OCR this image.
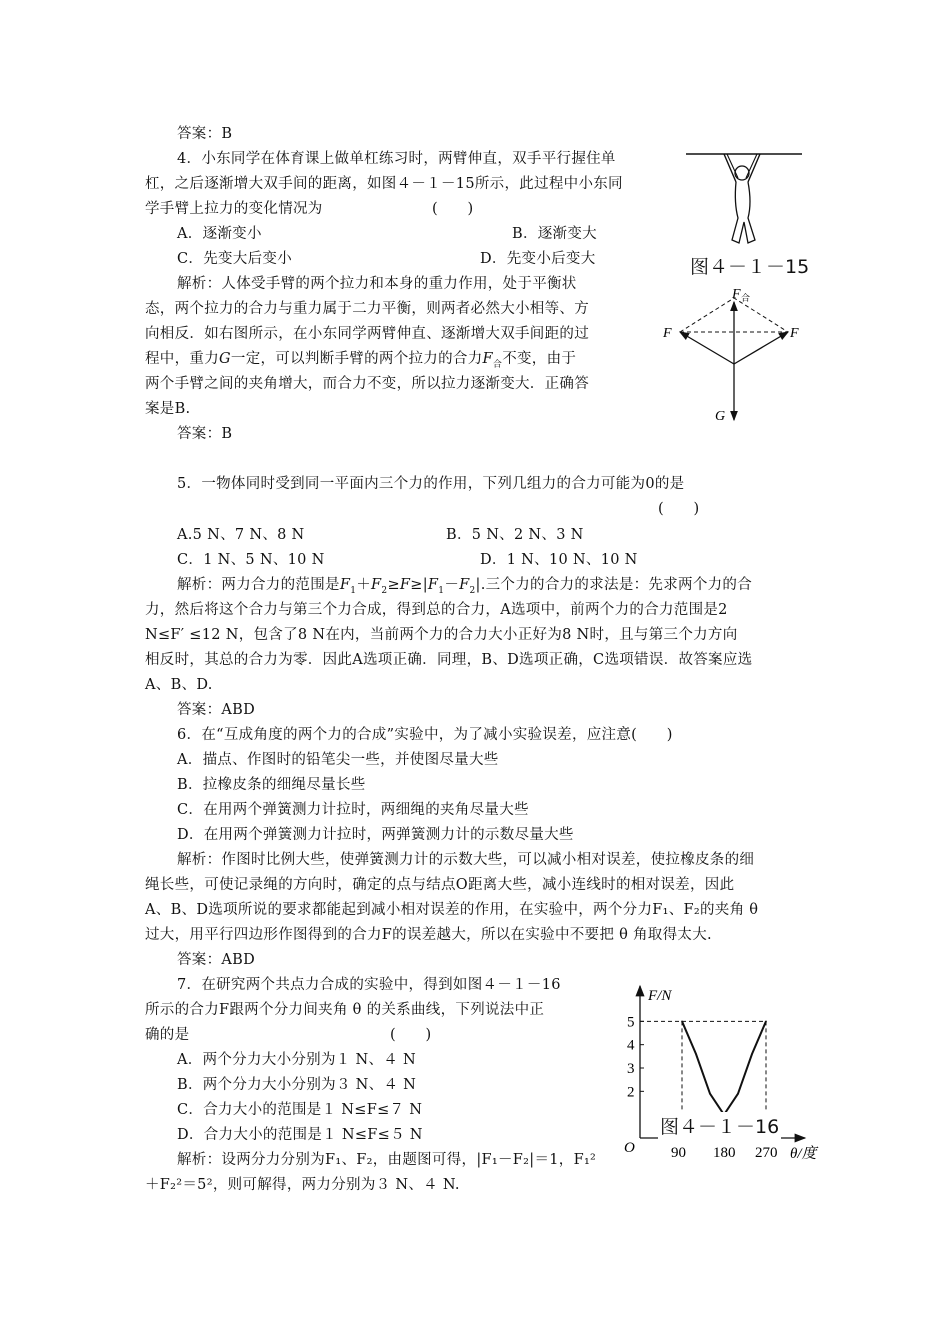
答案：B
4．小东同学在体育课上做单杠练习时，两臂伸直，双手平行握住单
杠，之后逐渐增大双手间的距离，如图４－１－15所示，此过程中小东同
学手臂上拉力的变化情况为	(　　)
A．逐渐变小	B．逐渐变大
C．先变大后变小	D．先变小后变大	图４－１－15
F 合
F	F
G
解析：人体受手臂的两个拉力和本身的重力作用，处于平衡状
态，两个拉力的合力与重力属于二力平衡，则两者必然大小相等、方
向相反．如右图所示，在小东同学两臂伸直、逐渐增大双手间距的过
程中，重力G一定，可以判断手臂的两个拉力的合力$F_合$不变，由于
两个手臂之间的夹角增大，而合力不变，所以拉力逐渐变大．正确答
案是B.
答案：B
5．一物体同时受到同一平面内三个力的作用，下列几组力的合力可能为0的是
(　　)
A.5 N、7 N、8 N	B．5 N、2 N、3 N
C．1 N、5 N、10 N	D．1 N、10 N、10 N
解析：两力合力的范围是$F_1+F_2\ge F\ge|F_1-F_2|$.三个力的合力的求法是：先求两个力的合
力，然后将这个合力与第三个力合成，得到总的合力，A选项中，前两个力的合力范围是2
N≤F′ ≤12 N，包含了8 N在内，当前两个力的合力大小正好为8 N时，且与第三个力方向
相反时，其总的合力为零．因此A选项正确．同理，B、D选项正确，C选项错误．故答案应选
A、B、D.
答案：ABD
6．在“互成角度的两个力的合成”实验中，为了减小实验误差，应注意(　　)
A．描点、作图时的铅笔尖一些，并使图尽量大些
B．拉橡皮条的细绳尽量长些
C．在用两个弹簧测力计拉时，两细绳的夹角尽量大些
D．在用两个弹簧测力计拉时，两弹簧测力计的示数尽量大些
解析：作图时比例大些，使弹簧测力计的示数大些，可以减小相对误差，使拉橡皮条的细
绳长些，可使记录绳的方向时，确定的点与结点O距离大些，减小连线时的相对误差，因此
A、B、D选项所说的要求都能起到减小相对误差的作用，在实验中，两个分力F₁、F₂的夹角 θ
过大，用平行四边形作图得到的合力F的误差越大，所以在实验中不要把 θ 角取得太大.
答案：ABD
7．在研究两个共点力合成的实验中，得到如图４－１－16
所示的合力F跟两个分力间夹角 θ 的关系曲线，下列说法中正
确的是	(　　)
A．两个分力大小分别为１ N、４ N
B．两个分力大小分别为３ N、４ N
C．合力大小的范围是１ N≤F≤７ N
D．合力大小的范围是１ N≤F≤５ N
解析：设两分力分别为F₁、F₂，由题图可得，|F₁－F₂|＝1，F₁²
＋F₂²＝5²，则可解得，两力分别为３ N、４ N.
F/N
θ/度
O
2
3
4
5
90 180 270
图４－１－16
